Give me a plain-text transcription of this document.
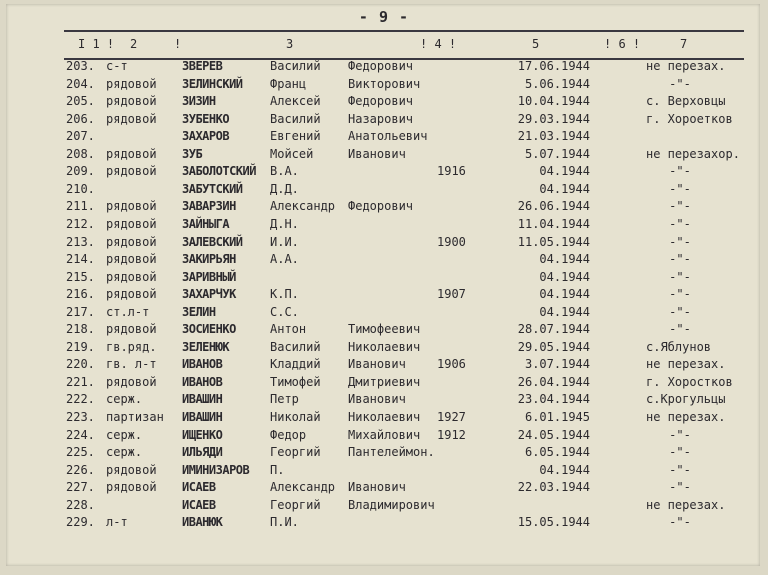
- 9 -
I 1 ! 2	!	3	! 4 !	5	! 6 !	7
203. с-т	ЗВЕРЕВ	Василий	Федорович	17.06.1944	не перезах.
204. рядовой	ЗЕЛИНСКИЙ	Франц	Викторович	5.06.1944	-"-
205. рядовой	ЗИЗИН	Алексей	Федорович	10.04.1944	с. Верховцы
206. рядовой	ЗУБЕНКО	Василий	Назарович	29.03.1944	г. Хороетков
207.	ЗАХАРОВ	Евгений	Анатольевич	21.03.1944
208. рядовой	ЗУБ	Мойсей	Иванович	5.07.1944	не перезахор.
209. рядовой	ЗАБОЛОТСКИЙ	В.А.	1916	04.1944	-"-
210.	ЗАБУТСКИЙ	Д.Д.	04.1944	-"-
211. рядовой	ЗАВАРЗИН	Александр	Федорович	26.06.1944	-"-
212. рядовой	ЗАЙНЫГА	Д.Н.	11.04.1944	-"-
213. рядовой	ЗАЛЕВСКИЙ	И.И.	1900	11.05.1944	-"-
214. рядовой	ЗАКИРЬЯН	А.А.	04.1944	-"-
215. рядовой	ЗАРИВНЫЙ	04.1944	-"-
216. рядовой	ЗАХАРЧУК	К.П.	1907	04.1944	-"-
217. ст.л-т	ЗЕЛИН	С.С.	04.1944	-"-
218. рядовой	ЗОСИЕНКО	Антон	Тимофеевич	28.07.1944	-"-
219. гв.ряд.	ЗЕЛЕНЮК	Василий	Николаевич	29.05.1944	с.Яблунов
220. гв. л-т	ИВАНОВ	Кладдий	Иванович	1906	3.07.1944	не перезах.
221. рядовой	ИВАНОВ	Тимофей	Дмитриевич	26.04.1944	г. Хоростков
222. серж.	ИВАШИН	Петр	Иванович	23.04.1944	с.Крогульцы
223. партизан	ИВАШИН	Николай	Николаевич	1927	6.01.1945	не перезах.
224. серж.	ИЩЕНКО	Федор	Михайлович	1912	24.05.1944	-"-
225. серж.	ИЛЬЯДИ	Георгий	Пантелеймон.	6.05.1944	-"-
226. рядовой	ИМИНИЗАРОВ	П.	04.1944	-"-
227. рядовой	ИСАЕВ	Александр	Иванович	22.03.1944	-"-
228.	ИСАЕВ	Георгий	Владимирович	не перезах.
229. л-т	ИВАНЮК	П.И.	15.05.1944	-"-
